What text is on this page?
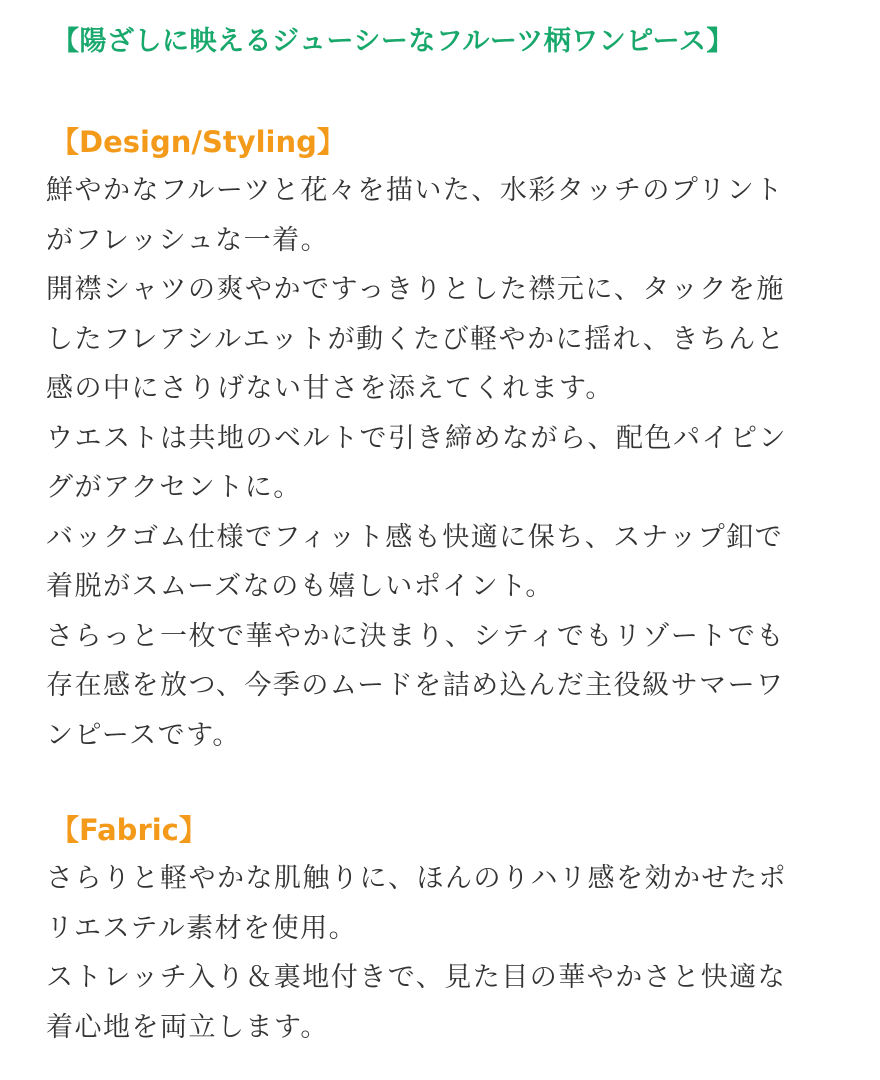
【陽ざしに映えるジューシーなフルーツ柄ワンピース】
【Design/Styling】
鮮やかなフルーツと花々を描いた、水彩タッチのプリント
がフレッシュな一着。
開襟シャツの爽やかですっきりとした襟元に、タックを施
したフレアシルエットが動くたび軽やかに揺れ、きちんと
感の中にさりげない甘さを添えてくれます。
ウエストは共地のベルトで引き締めながら、配色パイピン
グがアクセントに。
バックゴム仕様でフィット感も快適に保ち、スナップ釦で
着脱がスムーズなのも嬉しいポイント。
さらっと一枚で華やかに決まり、シティでもリゾートでも
存在感を放つ、今季のムードを詰め込んだ主役級サマーワ
ンピースです。
【Fabric】
さらりと軽やかな肌触りに、ほんのりハリ感を効かせたポ
リエステル素材を使用。
ストレッチ入り＆裏地付きで、見た目の華やかさと快適な
着心地を両立します。
